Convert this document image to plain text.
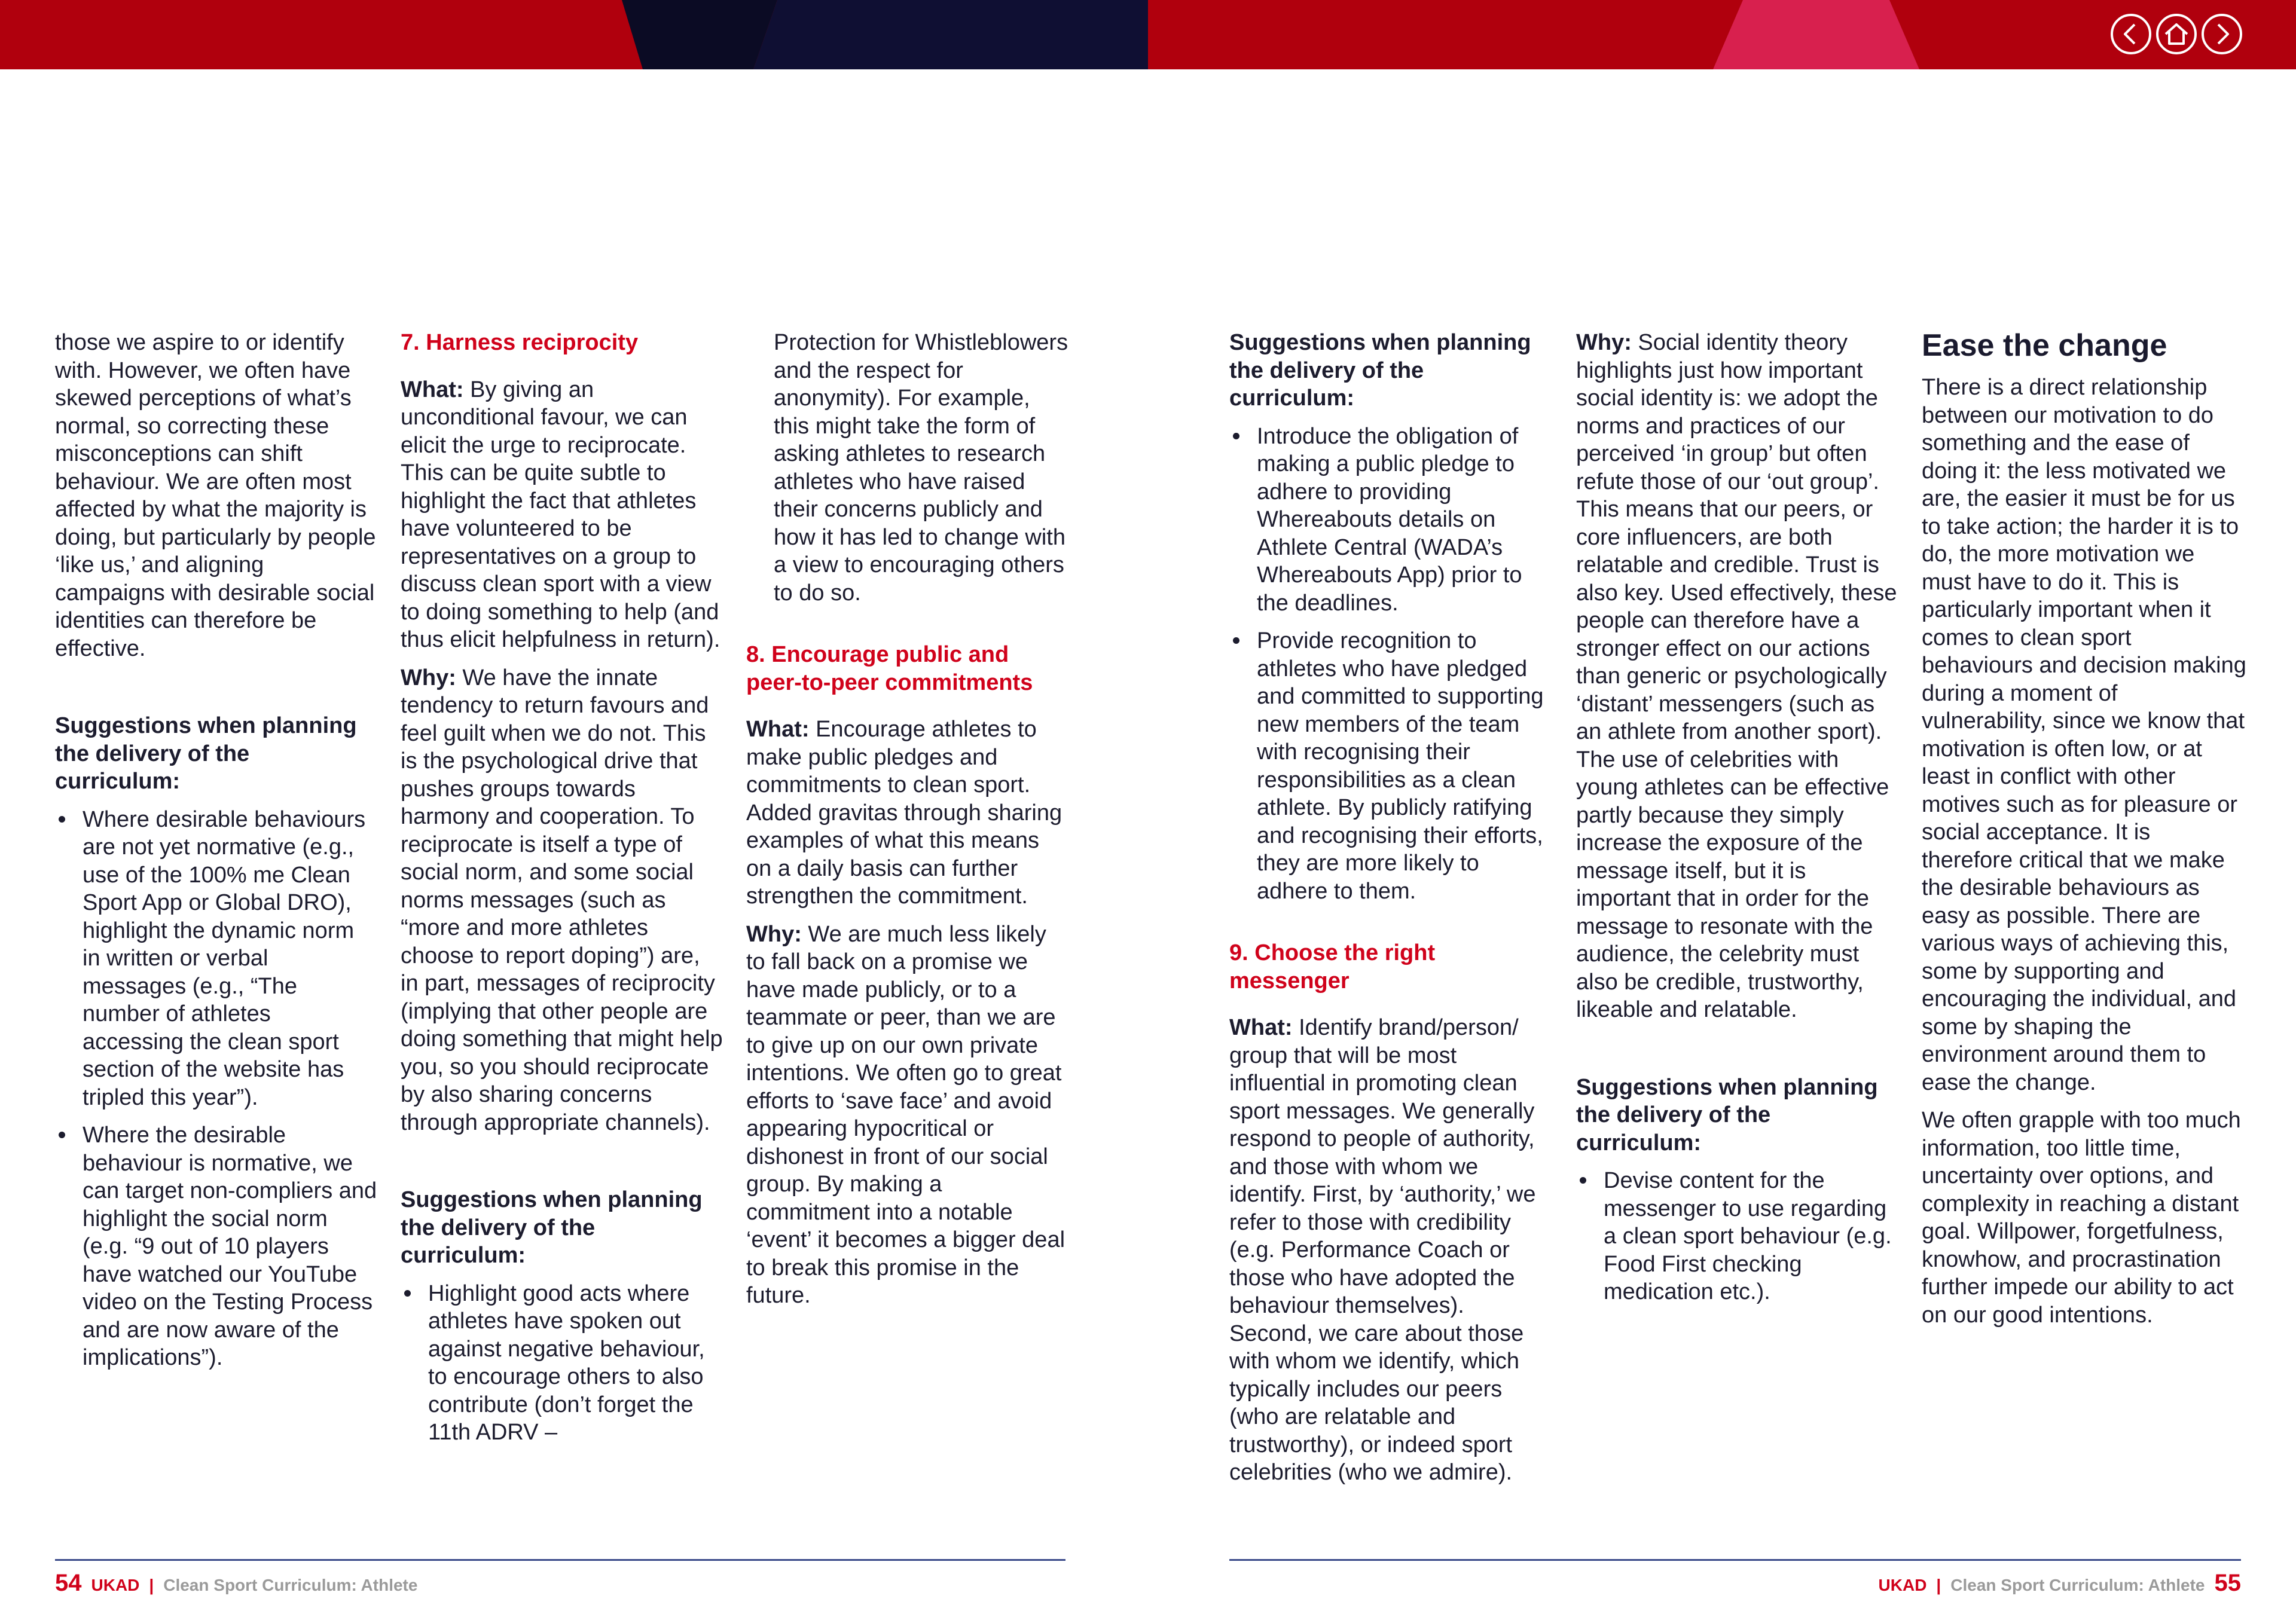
those we aspire to or identify with. However, we often have skewed perceptions of what’s normal, so correcting these misconceptions can shift behaviour. We are often most affected by what the majority is doing, but particularly by people ‘like us,’ and aligning campaigns with desirable social identities can therefore be effective.

Suggestions when planning the delivery of the curriculum:

Where desirable behaviours are not yet normative (e.g., use of the 100% me Clean Sport App or Global DRO), highlight the dynamic norm in written or verbal messages (e.g., “The number of athletes accessing the clean sport section of the website has tripled this year”).
Where the desirable behaviour is normative, we can target non-compliers and highlight the social norm (e.g. “9 out of 10 players have watched our YouTube video on the Testing Process and are now aware of the implications”).

7. Harness reciprocity

What: By giving an unconditional favour, we can elicit the urge to reciprocate. This can be quite subtle to highlight the fact that athletes have volunteered to be representatives on a group to discuss clean sport with a view to doing something to help (and thus elicit helpfulness in return).

Why: We have the innate tendency to return favours and feel guilt when we do not. This is the psychological drive that pushes groups towards harmony and cooperation. To reciprocate is itself a type of social norm, and some social norms messages (such as “more and more athletes choose to report doping”) are, in part, messages of reciprocity (implying that other people are doing something that might help you, so you should reciprocate by also sharing concerns through appropriate channels).

Suggestions when planning the delivery of the curriculum:

Highlight good acts where athletes have spoken out against negative behaviour, to encourage others to also contribute (don’t forget the 11th ADRV –

Protection for Whistleblowers and the respect for anonymity). For example, this might take the form of asking athletes to research athletes who have raised their concerns publicly and how it has led to change with a view to encouraging others to do so.

8. Encourage public and peer-to-peer commitments

What: Encourage athletes to make public pledges and commitments to clean sport. Added gravitas through sharing examples of what this means on a daily basis can further strengthen the commitment.

Why: We are much less likely to fall back on a promise we have made publicly, or to a teammate or peer, than we are to give up on our own private intentions. We often go to great efforts to ‘save face’ and avoid appearing hypocritical or dishonest in front of our social group. By making a commitment into a notable ‘event’ it becomes a bigger deal to break this promise in the future.

Suggestions when planning the delivery of the curriculum:

Introduce the obligation of making a public pledge to adhere to providing Whereabouts details on Athlete Central (WADA’s Whereabouts App) prior to the deadlines.
Provide recognition to athletes who have pledged and committed to supporting new members of the team with recognising their responsibilities as a clean athlete. By publicly ratifying and recognising their efforts, they are more likely to adhere to them.

9. Choose the right messenger

What: Identify brand/person/ group that will be most influential in promoting clean sport messages. We generally respond to people of authority, and those with whom we identify. First, by ‘authority,’ we refer to those with credibility (e.g. Performance Coach or those who have adopted the behaviour themselves). Second, we care about those with whom we identify, which typically includes our peers (who are relatable and trustworthy), or indeed sport celebrities (who we admire).

Why: Social identity theory highlights just how important social identity is: we adopt the norms and practices of our perceived ‘in group’ but often refute those of our ‘out group’. This means that our peers, or core influencers, are both relatable and credible. Trust is also key. Used effectively, these people can therefore have a stronger effect on our actions than generic or psychologically ‘distant’ messengers (such as an athlete from another sport). The use of celebrities with young athletes can be effective partly because they simply increase the exposure of the message itself, but it is important that in order for the message to resonate with the audience, the celebrity must also be credible, trustworthy, likeable and relatable.

Suggestions when planning the delivery of the curriculum:

Devise content for the messenger to use regarding a clean sport behaviour (e.g. Food First checking medication etc.).

Ease the change

There is a direct relationship between our motivation to do something and the ease of doing it: the less motivated we are, the easier it must be for us to take action; the harder it is to do, the more motivation we must have to do it. This is particularly important when it comes to clean sport behaviours and decision making during a moment of vulnerability, since we know that motivation is often low, or at least in conflict with other motives such as for pleasure or social acceptance. It is therefore critical that we make the desirable behaviours as easy as possible. There are various ways of achieving this, some by supporting and encouraging the individual, and some by shaping the environment around them to ease the change.

We often grapple with too much information, too little time, uncertainty over options, and complexity in reaching a distant goal. Willpower, forgetfulness, knowhow, and procrastination further impede our ability to act on our good intentions.

54 UKAD | Clean Sport Curriculum: Athlete	UKAD | Clean Sport Curriculum: Athlete 55
